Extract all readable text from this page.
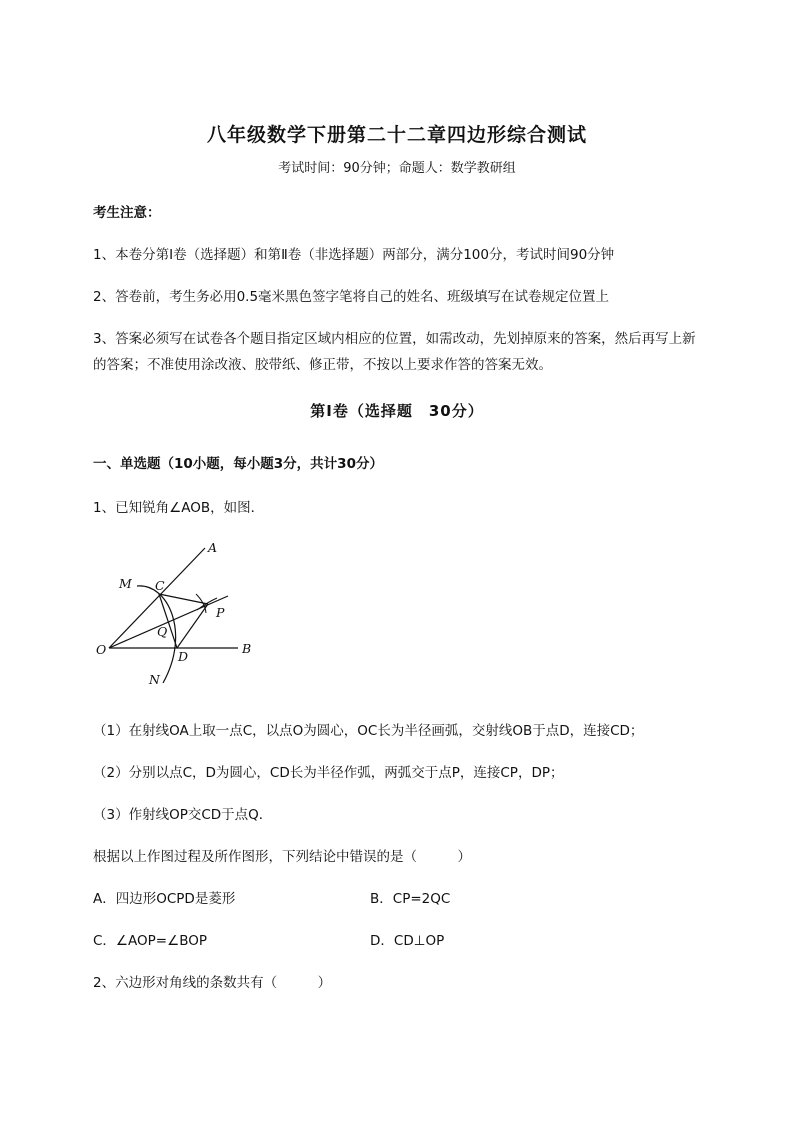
八年级数学下册第二十二章四边形综合测试
考试时间：90分钟；命题人：数学教研组
考生注意：
1、本卷分第I卷（选择题）和第Ⅱ卷（非选择题）两部分，满分100分，考试时间90分钟
2、答卷前，考生务必用0.5毫米黑色签字笔将自己的姓名、班级填写在试卷规定位置上
3、答案必须写在试卷各个题目指定区域内相应的位置，如需改动，先划掉原来的答案，然后再写上新
的答案；不准使用涂改液、胶带纸、修正带，不按以上要求作答的答案无效。
第I卷（选择题　30分）
一、单选题（10小题，每小题3分，共计30分）
1、已知锐角∠AOB，如图．
A
M C
P
Q
O	D
B
N
（1）在射线OA上取一点C，以点O为圆心，OC长为半径画弧，交射线OB于点D，连接CD；
（2）分别以点C，D为圆心，CD长为半径作弧，两弧交于点P，连接CP，DP；
（3）作射线OP交CD于点Q．
根据以上作图过程及所作图形，下列结论中错误的是（　　　）
A．四边形OCPD是菱形	B．CP=2QC
C．∠AOP=∠BOP	D．CD⊥OP
2、六边形对角线的条数共有（　　　）
